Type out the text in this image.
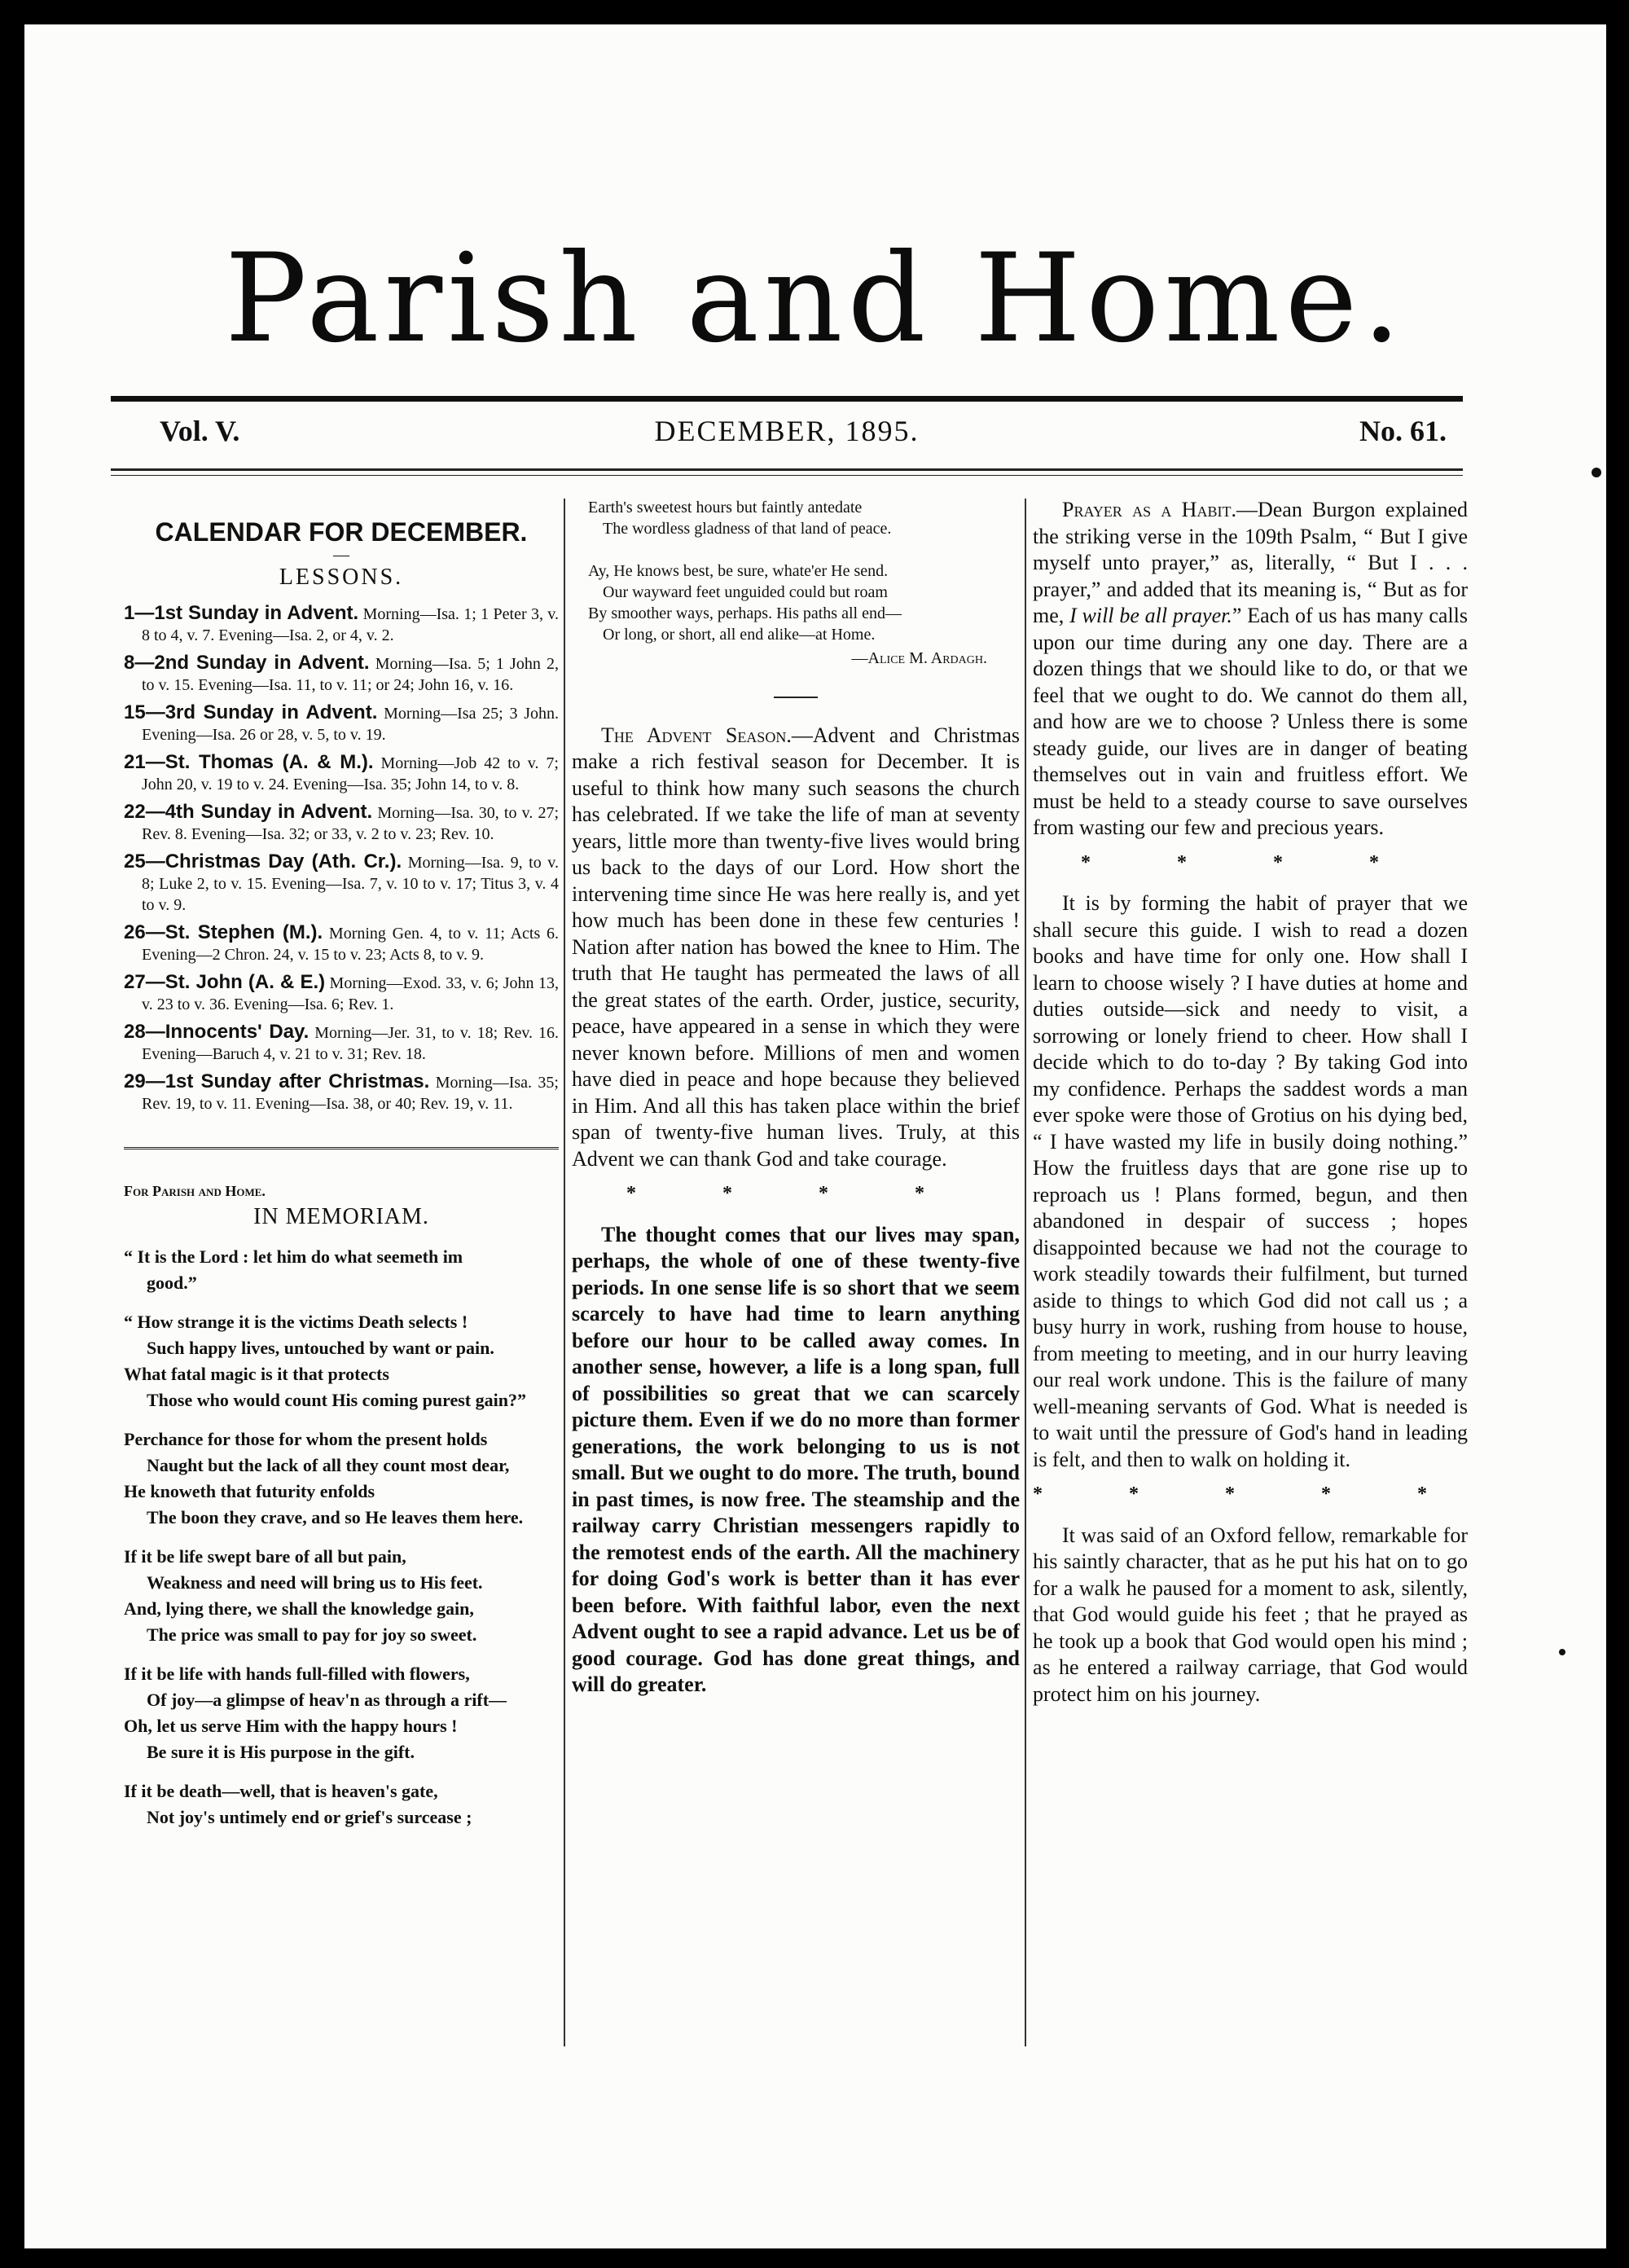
Parish and Home.
Vol. V.	DECEMBER, 1895.	No. 61.
CALENDAR FOR DECEMBER.
—
LESSONS.
1—1st Sunday in Advent. Morning—Isa. 1; 1 Peter 3, v. 8 to 4, v. 7. Evening—Isa. 2, or 4, v. 2.
8—2nd Sunday in Advent. Morning—Isa. 5; 1 John 2, to v. 15. Evening—Isa. 11, to v. 11; or 24; John 16, v. 16.
15—3rd Sunday in Advent. Morning—Isa 25; 3 John. Evening—Isa. 26 or 28, v. 5, to v. 19.
21—St. Thomas (A. & M.). Morning—Job 42 to v. 7; John 20, v. 19 to v. 24. Evening—Isa. 35; John 14, to v. 8.
22—4th Sunday in Advent. Morning—Isa. 30, to v. 27; Rev. 8. Evening—Isa. 32; or 33, v. 2 to v. 23; Rev. 10.
25—Christmas Day (Ath. Cr.). Morning—Isa. 9, to v. 8; Luke 2, to v. 15. Evening—Isa. 7, v. 10 to v. 17; Titus 3, v. 4 to v. 9.
26—St. Stephen (M.). Morning Gen. 4, to v. 11; Acts 6. Evening—2 Chron. 24, v. 15 to v. 23; Acts 8, to v. 9.
27—St. John (A. & E.) Morning—Exod. 33, v. 6; John 13, v. 23 to v. 36. Evening—Isa. 6; Rev. 1.
28—Innocents' Day. Morning—Jer. 31, to v. 18; Rev. 16. Evening—Baruch 4, v. 21 to v. 31; Rev. 18.
29—1st Sunday after Christmas. Morning—Isa. 35; Rev. 19, to v. 11. Evening—Isa. 38, or 40; Rev. 19, v. 11.
For Parish and Home.
IN MEMORIAM.
“ It is the Lord : let him do what seemeth im
good.”
“ How strange it is the victims Death selects !
Such happy lives, untouched by want or pain.
What fatal magic is it that protects
Those who would count His coming purest gain?”
Perchance for those for whom the present holds
Naught but the lack of all they count most dear,
He knoweth that futurity enfolds
The boon they crave, and so He leaves them here.
If it be life swept bare of all but pain,
Weakness and need will bring us to His feet.
And, lying there, we shall the knowledge gain,
The price was small to pay for joy so sweet.
If it be life with hands full-filled with flowers,
Of joy—a glimpse of heav'n as through a rift—
Oh, let us serve Him with the happy hours !
Be sure it is His purpose in the gift.
If it be death—well, that is heaven's gate,
Not joy's untimely end or grief's surcease ;
Earth's sweetest hours but faintly antedate
The wordless gladness of that land of peace.
Ay, He knows best, be sure, whate'er He send.
Our wayward feet unguided could but roam
By smoother ways, perhaps. His paths all end—
Or long, or short, all end alike—at Home.
—Alice M. Ardagh.

The Advent Season.—Advent and Christmas make a rich festival season for December. It is useful to think how many such seasons the church has celebrated. If we take the life of man at seventy years, little more than twenty-five lives would bring us back to the days of our Lord. How short the intervening time since He was here really is, and yet how much has been done in these few centuries ! Nation after nation has bowed the knee to Him. The truth that He taught has permeated the laws of all the great states of the earth. Order, justice, security, peace, have appeared in a sense in which they were never known before. Millions of men and women have died in peace and hope because they believed in Him. And all this has taken place within the brief span of twenty-five human lives. Truly, at this Advent we can thank God and take courage.

* * * *

The thought comes that our lives may span, perhaps, the whole of one of these twenty-five periods. In one sense life is so short that we seem scarcely to have had time to learn anything before our hour to be called away comes. In another sense, however, a life is a long span, full of possibilities so great that we can scarcely picture them. Even if we do no more than former generations, the work belonging to us is not small. But we ought to do more. The truth, bound in past times, is now free. The steamship and the railway carry Christian messengers rapidly to the remotest ends of the earth. All the machinery for doing God's work is better than it has ever been before. With faithful labor, even the next Advent ought to see a rapid advance. Let us be of good courage. God has done great things, and will do greater.

Prayer as a Habit.—Dean Burgon explained the striking verse in the 109th Psalm, “ But I give myself unto prayer,” as, literally, “ But I . . . prayer,” and added that its meaning is, “ But as for me, I will be all prayer.” Each of us has many calls upon our time during any one day. There are a dozen things that we should like to do, or that we feel that we ought to do. We cannot do them all, and how are we to choose ? Unless there is some steady guide, our lives are in danger of beating themselves out in vain and fruitless effort. We must be held to a steady course to save ourselves from wasting our few and precious years.

* * * *

It is by forming the habit of prayer that we shall secure this guide. I wish to read a dozen books and have time for only one. How shall I learn to choose wisely ? I have duties at home and duties outside—sick and needy to visit, a sorrowing or lonely friend to cheer. How shall I decide which to do to-day ? By taking God into my confidence. Perhaps the saddest words a man ever spoke were those of Grotius on his dying bed, “ I have wasted my life in busily doing nothing.” How the fruitless days that are gone rise up to reproach us ! Plans formed, begun, and then abandoned in despair of success ; hopes disappointed because we had not the courage to work steadily towards their fulfilment, but turned aside to things to which God did not call us ; a busy hurry in work, rushing from house to house, from meeting to meeting, and in our hurry leaving our real work undone. This is the failure of many well-meaning servants of God. What is needed is to wait until the pressure of God's hand in leading is felt, and then to walk on holding it.

* * * * *

It was said of an Oxford fellow, remarkable for his saintly character, that as he put his hat on to go for a walk he paused for a moment to ask, silently, that God would guide his feet ; that he prayed as he took up a book that God would open his mind ; as he entered a railway carriage, that God would protect him on his journey.
